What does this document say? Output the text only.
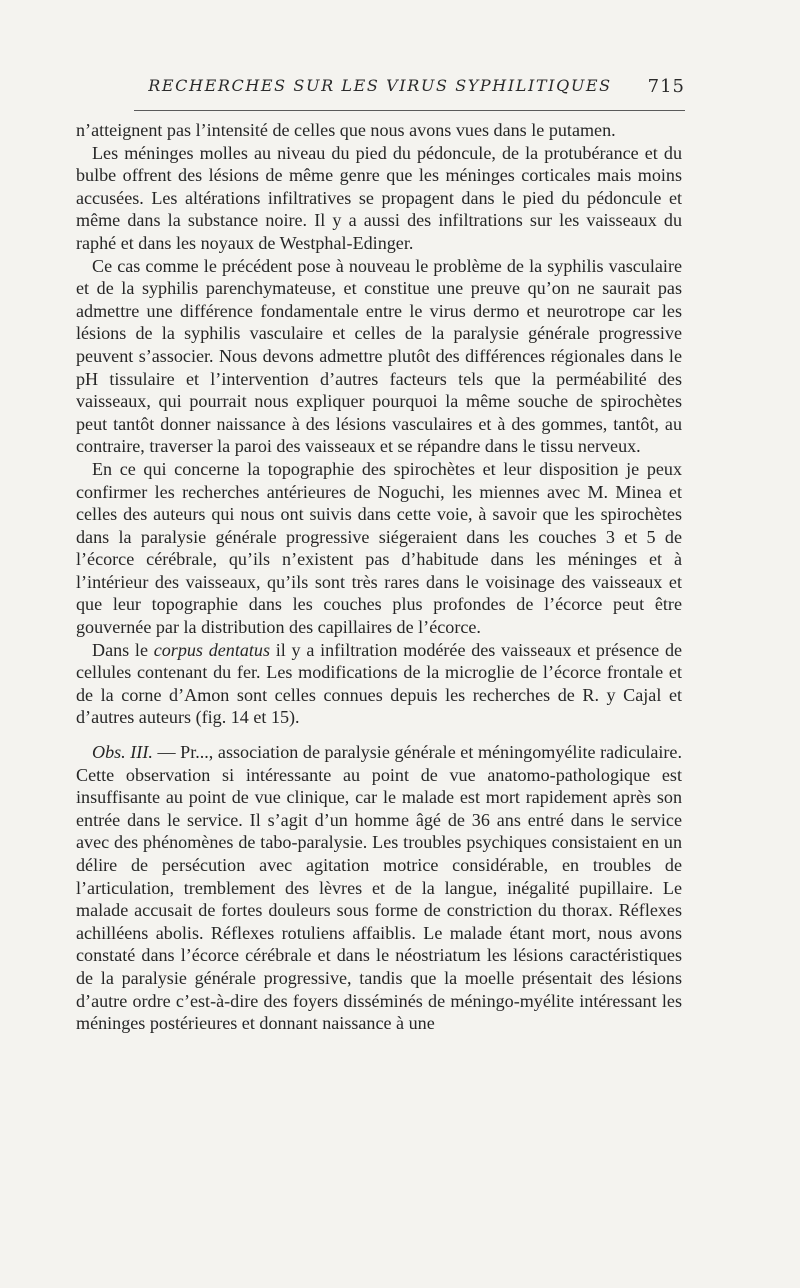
RECHERCHES SUR LES VIRUS SYPHILITIQUES	715

n’atteignent pas l’intensité de celles que nous avons vues dans le putamen.

Les méninges molles au niveau du pied du pédoncule, de la protubérance et du bulbe offrent des lésions de même genre que les méninges corticales mais moins accusées. Les altérations infiltratives se propagent dans le pied du pédoncule et même dans la substance noire. Il y a aussi des infiltrations sur les vaisseaux du raphé et dans les noyaux de Westphal-Edinger.

Ce cas comme le précédent pose à nouveau le problème de la syphilis vasculaire et de la syphilis parenchymateuse, et constitue une preuve qu’on ne saurait pas admettre une différence fondamentale entre le virus dermo et neurotrope car les lésions de la syphilis vasculaire et celles de la paralysie générale progressive peuvent s’associer. Nous devons admettre plutôt des différences régionales dans le pH tissulaire et l’intervention d’autres facteurs tels que la perméabilité des vaisseaux, qui pourrait nous expliquer pourquoi la même souche de spirochètes peut tantôt donner naissance à des lésions vasculaires et à des gommes, tantôt, au contraire, traverser la paroi des vaisseaux et se répandre dans le tissu nerveux.

En ce qui concerne la topographie des spirochètes et leur disposition je peux confirmer les recherches antérieures de Noguchi, les miennes avec M. Minea et celles des auteurs qui nous ont suivis dans cette voie, à savoir que les spirochètes dans la paralysie générale progressive siégeraient dans les couches 3 et 5 de l’écorce cérébrale, qu’ils n’existent pas d’habitude dans les méninges et à l’intérieur des vaisseaux, qu’ils sont très rares dans le voisinage des vaisseaux et que leur topographie dans les couches plus profondes de l’écorce peut être gouvernée par la distribution des capillaires de l’écorce.

Dans le corpus dentatus il y a infiltration modérée des vaisseaux et présence de cellules contenant du fer. Les modifications de la microglie de l’écorce frontale et de la corne d’Amon sont celles connues depuis les recherches de R. y Cajal et d’autres auteurs (fig. 14 et 15).

Obs. III. — Pr..., association de paralysie générale et méningomyélite radiculaire. Cette observation si intéressante au point de vue anatomo-pathologique est insuffisante au point de vue clinique, car le malade est mort rapidement après son entrée dans le service. Il s’agit d’un homme âgé de 36 ans entré dans le service avec des phénomènes de tabo-paralysie. Les troubles psychiques consistaient en un délire de persécution avec agitation motrice considérable, en troubles de l’articulation, tremblement des lèvres et de la langue, inégalité pupillaire. Le malade accusait de fortes douleurs sous forme de constriction du thorax. Réflexes achilléens abolis. Réflexes rotuliens affaiblis. Le malade étant mort, nous avons constaté dans l’écorce cérébrale et dans le néostriatum les lésions caractéristiques de la paralysie générale progressive, tandis que la moelle présentait des lésions d’autre ordre c’est-à-dire des foyers disséminés de méningo-myélite intéressant les méninges postérieures et donnant naissance à une
